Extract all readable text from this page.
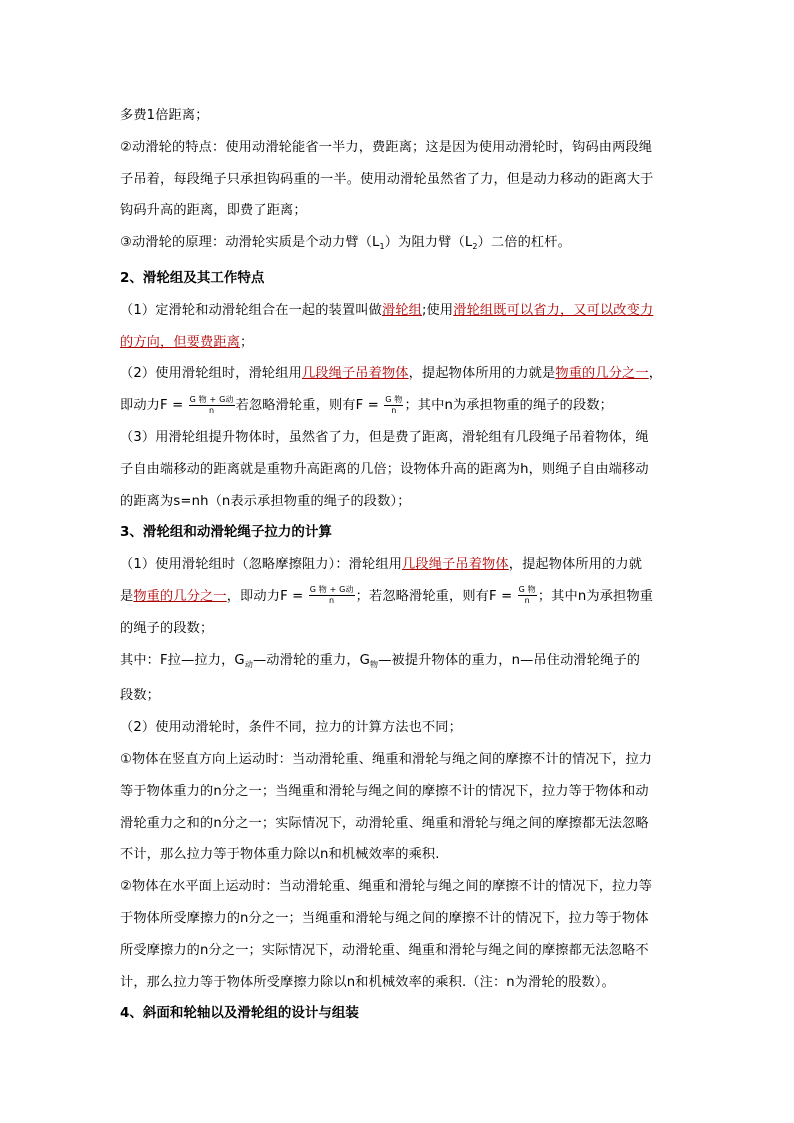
多费1倍距离；

②动滑轮的特点：使用动滑轮能省一半力，费距离；这是因为使用动滑轮时，钩码由两段绳

子吊着，每段绳子只承担钩码重的一半。使用动滑轮虽然省了力，但是动力移动的距离大于

钩码升高的距离，即费了距离；

③动滑轮的原理：动滑轮实质是个动力臂$(L_1)$为阻力臂$(L_2)$二倍的杠杆。

2、滑轮组及其工作特点

（1）定滑轮和动滑轮组合在一起的装置叫做滑轮组;使用滑轮组既可以省力，又可以改变力

的方向，但要费距离；

（2）使用滑轮组时，滑轮组用几段绳子吊着物体，提起物体所用的力就是物重的几分之一，

即动力$F = \frac{\text{G 物 + G动}}{n}$ 若忽略滑轮重，则有$F = \frac{\text{G 物}}{n}$ ；其中n为承担物重的绳子的段数；

（3）用滑轮组提升物体时，虽然省了力，但是费了距离，滑轮组有几段绳子吊着物体，绳

子自由端移动的距离就是重物升高距离的几倍；设物体升高的距离为h，则绳子自由端移动

的距离为s=nh（n表示承担物重的绳子的段数）；

3、滑轮组和动滑轮绳子拉力的计算

（1）使用滑轮组时（忽略摩擦阻力）：滑轮组用几段绳子吊着物体，提起物体所用的力就

是物重的几分之一，即动力$F = \frac{\text{G 物 + G动}}{n}$ ；若忽略滑轮重，则有$F = \frac{\text{G 物}}{n}$ ；其中n为承担物重

的绳子的段数；

其中：F拉—拉力，$G_动—$动滑轮的重力，$G_物—$被提升物体的重力，n—吊住动滑轮绳子的

段数；

（2）使用动滑轮时，条件不同，拉力的计算方法也不同；

①物体在竖直方向上运动时：当动滑轮重、绳重和滑轮与绳之间的摩擦不计的情况下，拉力

等于物体重力的n分之一；当绳重和滑轮与绳之间的摩擦不计的情况下，拉力等于物体和动

滑轮重力之和的n分之一；实际情况下，动滑轮重、绳重和滑轮与绳之间的摩擦都无法忽略

不计，那么拉力等于物体重力除以n和机械效率的乘积.

②物体在水平面上运动时：当动滑轮重、绳重和滑轮与绳之间的摩擦不计的情况下，拉力等

于物体所受摩擦力的n分之一；当绳重和滑轮与绳之间的摩擦不计的情况下，拉力等于物体

所受摩擦力的n分之一；实际情况下，动滑轮重、绳重和滑轮与绳之间的摩擦都无法忽略不

计，那么拉力等于物体所受摩擦力除以n和机械效率的乘积.（注：n为滑轮的股数）。

4、斜面和轮轴以及滑轮组的设计与组装
